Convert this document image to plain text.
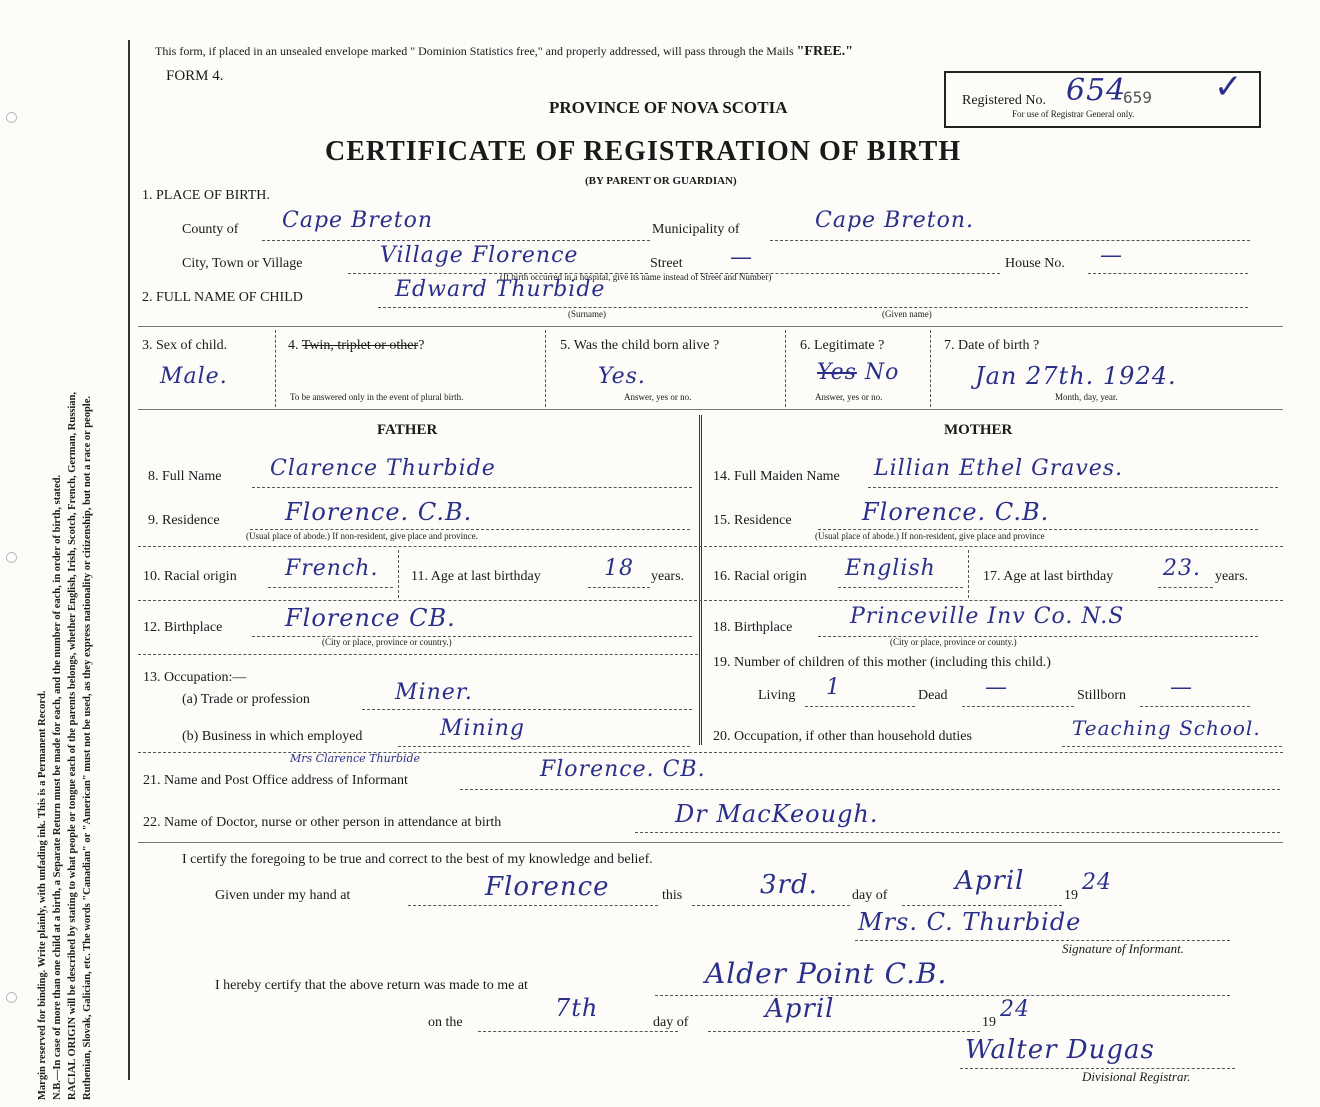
Margin reserved for binding. Write plainly, with unfading ink. This is a Permanent Record. N.B.—In case of more than one child at a birth, a Separate Return must be made for each, and the number of each, in order of birth, stated. RACIAL ORIGIN will be described by stating to what people or tongue each of the parents belongs, whether English, Irish, Scotch, French, German, Russian, Ruthenian, Slovak, Galician, etc. The words "Canadian" or "American" must not be used, as they express nationality or citizenship, but not a race or people.
This form, if placed in an unsealed envelope marked " Dominion Statistics free," and properly addressed, will pass through the Mails "FREE."
FORM 4.
PROVINCE OF NOVA SCOTIA
CERTIFICATE OF REGISTRATION OF BIRTH
(BY PARENT OR GUARDIAN)
Registered No. 654
659 ✓
For use of Registrar General only.
1. PLACE OF BIRTH.
County of Cape Breton	Municipality of	Cape Breton.
City, Town or Village	Village Florence	Street —	House No. —
(If birth occurred in a hospital, give its name instead of Street and Number)
2. FULL NAME OF CHILD	Edward Thurbide
(Surname)	(Given name)
3. Sex of child.
Male.
4. Twin, triplet or other?
To be answered only in the event of plural birth.
5. Was the child born alive ?
Yes.
Answer, yes or no.
6. Legitimate ?
Yes No
Answer, yes or no.
7. Date of birth ?
Jan 27th. 1924.
Month, day, year.
FATHER	MOTHER
8. Full Name Clarence Thurbide
9. Residence	Florence. C.B.
(Usual place of abode.) If non-resident, give place and province.
10. Racial origin French. 11. Age at last birthday	18 years.
12. Birthplace	Florence CB.
(City or place, province or country.)
13. Occupation:—
(a) Trade or profession	Miner.
(b) Business in which employed	Mining
14. Full Maiden Name Lillian Ethel Graves.
15. Residence	Florence. C.B.
(Usual place of abode.) If non-resident, give place and province
16. Racial origin English	17. Age at last birthday 23. years.
18. Birthplace	Princeville Inv Co. N.S
(City or place, province or county.)
19. Number of children of this mother (including this child.)
Living 1	Dead —	Stillborn —
20. Occupation, if other than household duties	Teaching School.
Mrs Clarence Thurbide
21. Name and Post Office address of Informant	Florence. CB.
22. Name of Doctor, nurse or other person in attendance at birth	Dr MacKeough.
I certify the foregoing to be true and correct to the best of my knowledge and belief.
Given under my hand at	Florence	this	3rd. day of	April	19
24
Mrs. C. Thurbide
Signature of Informant.
I hereby certify that the above return was made to me at	Alder Point C.B.
on the
7th
day of	April	19
24
Walter Dugas
Divisional Registrar.
